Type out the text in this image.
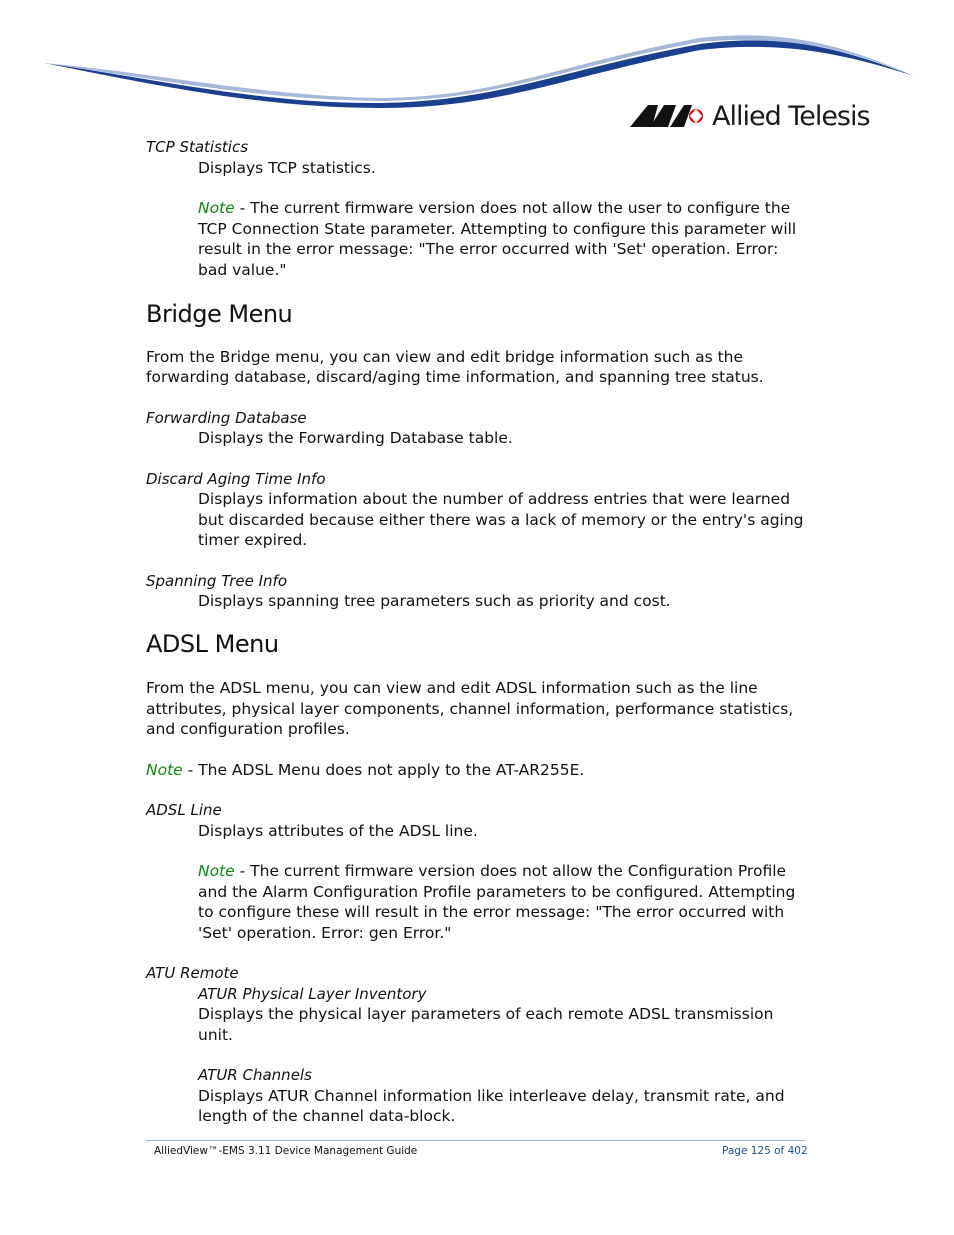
Allied Telesis
TCP Statistics
Displays TCP statistics.
Note - The current firmware version does not allow the user to configure the TCP Connection State parameter. Attempting to configure this parameter will result in the error message: "The error occurred with 'Set' operation. Error: bad value."
Bridge Menu
From the Bridge menu, you can view and edit bridge information such as the forwarding database, discard/aging time information, and spanning tree status.
Forwarding Database
Displays the Forwarding Database table.
Discard Aging Time Info
Displays information about the number of address entries that were learned but discarded because either there was a lack of memory or the entry's aging timer expired.
Spanning Tree Info
Displays spanning tree parameters such as priority and cost.
ADSL Menu
From the ADSL menu, you can view and edit ADSL information such as the line attributes, physical layer components, channel information, performance statistics, and configuration profiles.
Note - The ADSL Menu does not apply to the AT-AR255E.
ADSL Line
Displays attributes of the ADSL line.
Note - The current firmware version does not allow the Configuration Profile and the Alarm Configuration Profile parameters to be configured. Attempting to configure these will result in the error message: "The error occurred with 'Set' operation. Error: gen Error."
ATU Remote
ATUR Physical Layer Inventory
Displays the physical layer parameters of each remote ADSL transmission unit.
ATUR Channels
Displays ATUR Channel information like interleave delay, transmit rate, and length of the channel data-block.
AlliedView™-EMS 3.11 Device Management Guide	Page 125 of 402
